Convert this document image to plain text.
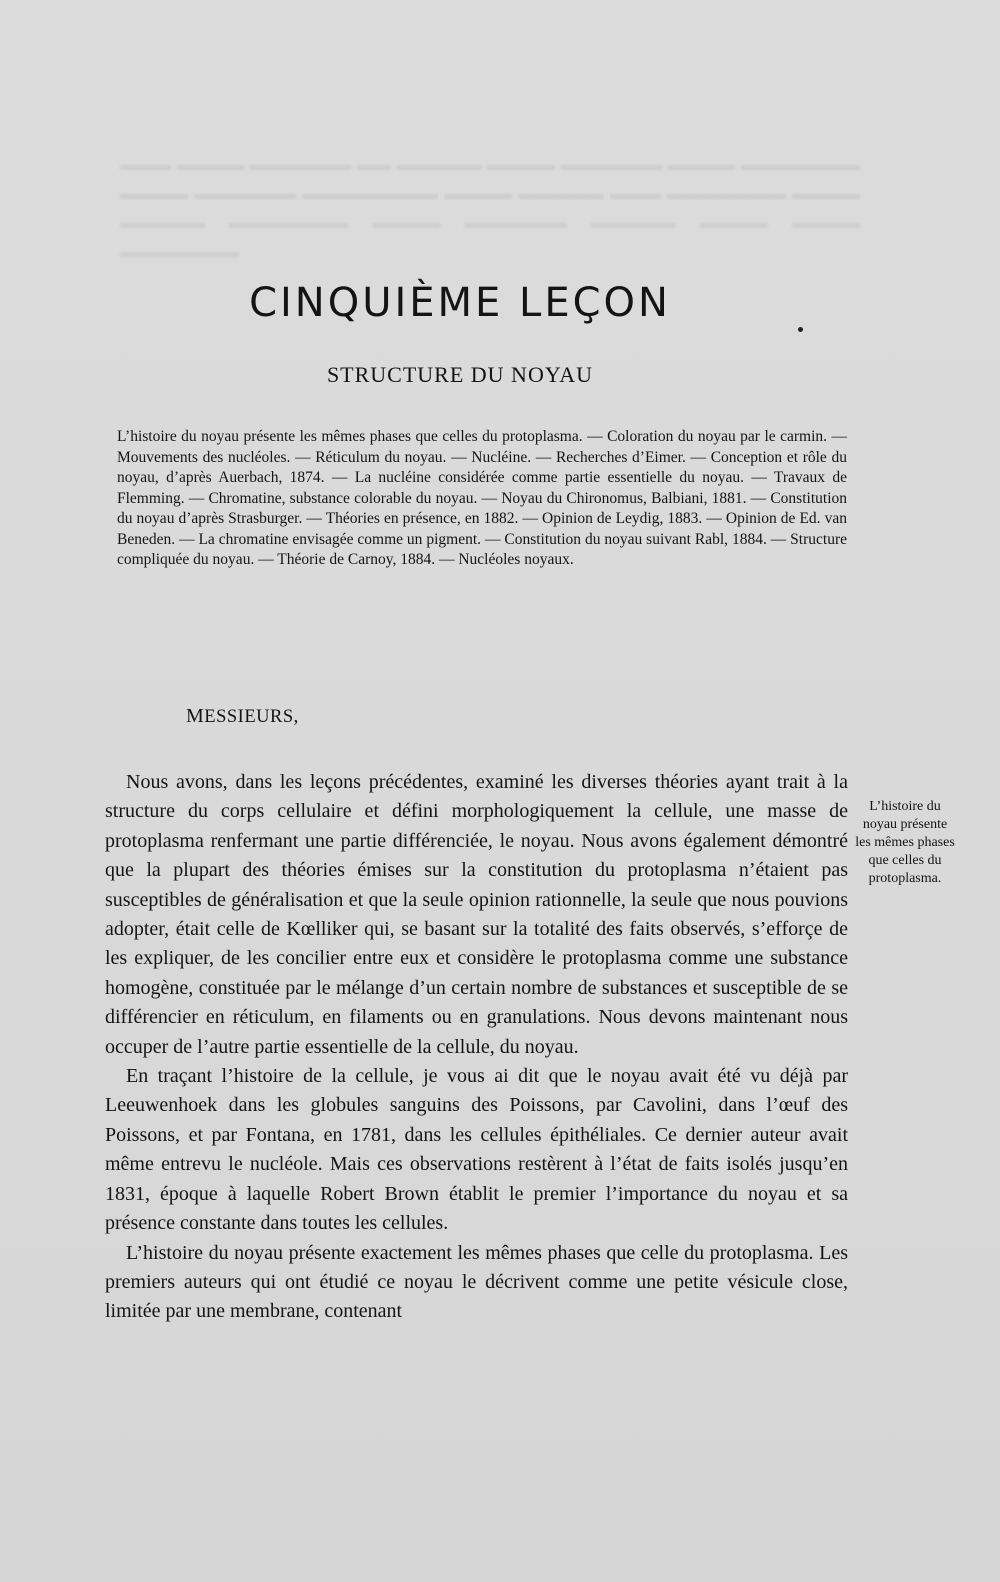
▬▬▬ ▬▬▬▬ ▬▬▬▬▬▬ ▬▬ ▬▬▬▬▬ ▬▬▬▬ ▬▬▬▬▬▬ ▬▬▬▬ ▬▬▬▬▬▬▬ ▬▬▬▬ ▬▬▬▬▬▬ ▬▬▬▬▬▬▬▬ ▬▬▬▬ ▬▬▬▬▬ ▬▬▬ ▬▬▬▬▬▬▬ ▬▬▬▬ ▬▬▬▬▬ ▬▬▬▬▬▬▬ ▬▬▬▬ ▬▬▬▬▬▬ ▬▬▬▬▬ ▬▬▬▬ ▬▬▬▬ ▬▬▬▬▬▬▬
CINQUIÈME LEÇON
STRUCTURE DU NOYAU
L’histoire du noyau présente les mêmes phases que celles du protoplasma. — Coloration du noyau par le carmin. — Mouvements des nucléoles. — Réticulum du noyau. — Nucléine. — Recherches d’Eimer. — Conception et rôle du noyau, d’après Auerbach, 1874. — La nucléine considérée comme partie essentielle du noyau. — Travaux de Flemming. — Chromatine, substance colorable du noyau. — Noyau du Chironomus, Balbiani, 1881. — Constitution du noyau d’après Strasburger. — Théories en présence, en 1882. — Opinion de Leydig, 1883. — Opinion de Ed. van Beneden. — La chromatine envisagée comme un pigment. — Constitution du noyau suivant Rabl, 1884. — Structure compliquée du noyau. — Théorie de Carnoy, 1884. — Nucléoles noyaux.
MESSIEURS,

Nous avons, dans les leçons précédentes, examiné les diverses théories ayant trait à la structure du corps cellulaire et défini morphologiquement la cellule, une masse de protoplasma renfermant une partie différenciée, le noyau. Nous avons également démontré que la plupart des théories émises sur la constitution du protoplasma n’étaient pas susceptibles de généralisation et que la seule opinion rationnelle, la seule que nous pouvions adopter, était celle de Kœlliker qui, se basant sur la totalité des faits observés, s’efforçe de les expliquer, de les concilier entre eux et considère le protoplasma comme une substance homogène, constituée par le mélange d’un certain nombre de substances et susceptible de se différencier en réticulum, en filaments ou en granulations. Nous devons maintenant nous occuper de l’autre partie essentielle de la cellule, du noyau.

En traçant l’histoire de la cellule, je vous ai dit que le noyau avait été vu déjà par Leeuwenhoek dans les globules sanguins des Poissons, par Cavolini, dans l’œuf des Poissons, et par Fontana, en 1781, dans les cellules épithéliales. Ce dernier auteur avait même entrevu le nucléole. Mais ces observations restèrent à l’état de faits isolés jusqu’en 1831, époque à laquelle Robert Brown établit le premier l’importance du noyau et sa présence constante dans toutes les cellules.

L’histoire du noyau présente exactement les mêmes phases que celle du protoplasma. Les premiers auteurs qui ont étudié ce noyau le décrivent comme une petite vésicule close, limitée par une membrane, contenant

L’histoire du noyau présente les mêmes phases que celles du protoplasma.
